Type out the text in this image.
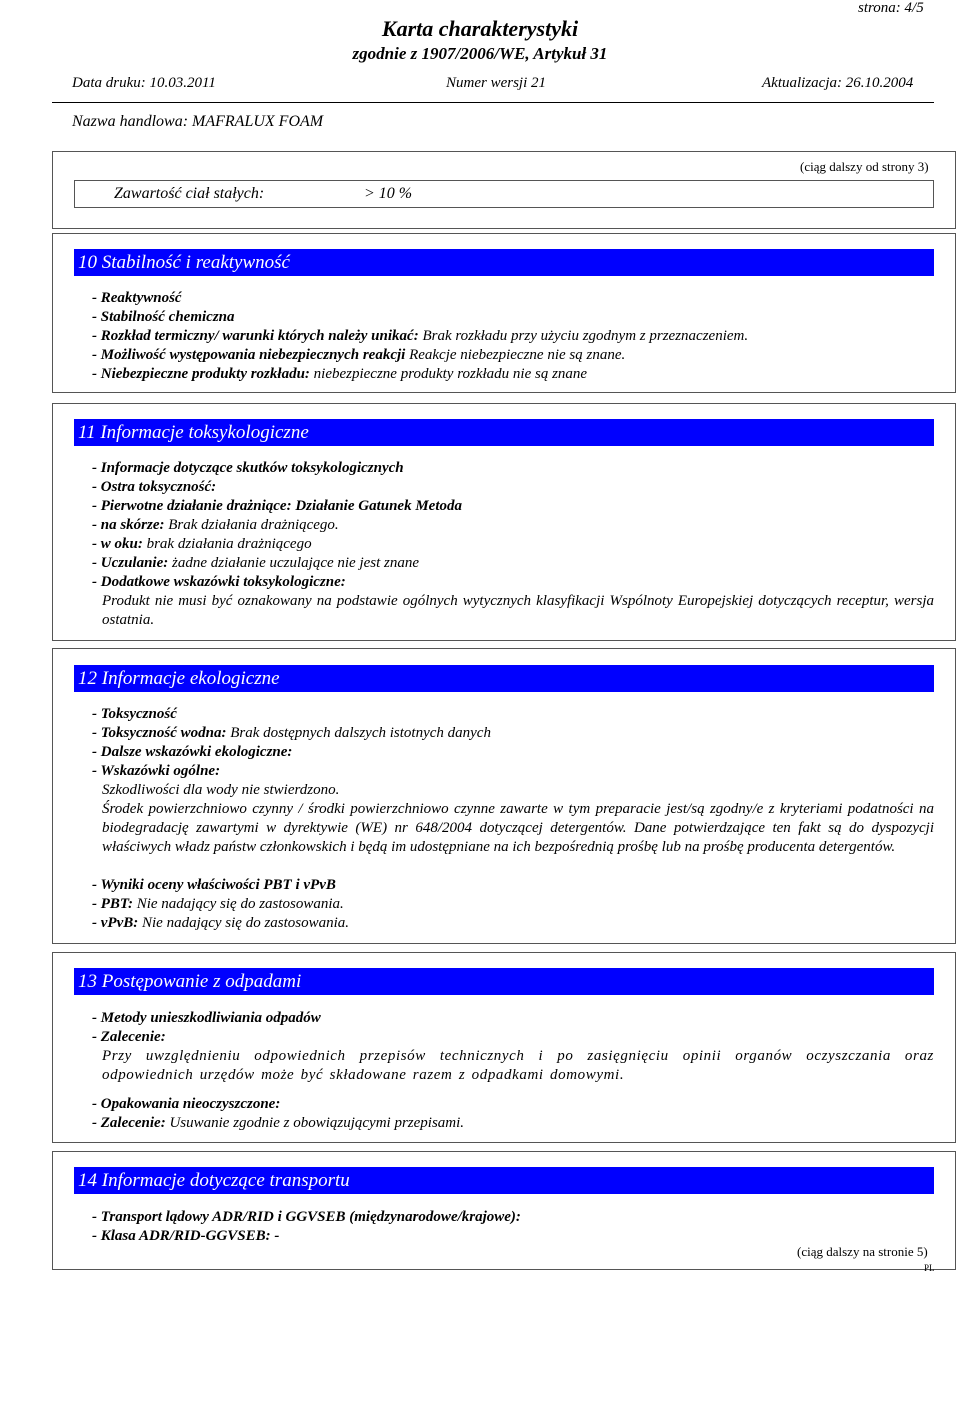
strona: 4/5
Karta charakterystyki
zgodnie z 1907/2006/WE, Artykuł 31
Data druku: 10.03.2011	Numer wersji 21	Aktualizacja: 26.10.2004
Nazwa handlowa: MAFRALUX FOAM
(ciąg dalszy od strony 3)
Zawartość ciał stałych:	> 10 %
10 Stabilność i reaktywność
- Reaktywność
- Stabilność chemiczna
- Rozkład termiczny/ warunki których należy unikać: Brak rozkładu przy użyciu zgodnym z przeznaczeniem.
- Możliwość występowania niebezpiecznych reakcji Reakcje niebezpieczne nie są znane.
- Niebezpieczne produkty rozkładu: niebezpieczne produkty rozkładu nie są znane
11 Informacje toksykologiczne
- Informacje dotyczące skutków toksykologicznych
- Ostra toksyczność:
- Pierwotne działanie drażniące: Działanie Gatunek Metoda
- na skórze: Brak działania drażniącego.
- w oku: brak działania drażniącego
- Uczulanie: żadne działanie uczulające nie jest znane
- Dodatkowe wskazówki toksykologiczne:
Produkt nie musi być oznakowany na podstawie ogólnych wytycznych klasyfikacji Wspólnoty Europejskiej dotyczących receptur, wersja ostatnia.
12 Informacje ekologiczne
- Toksyczność
- Toksyczność wodna: Brak dostępnych dalszych istotnych danych
- Dalsze wskazówki ekologiczne:
- Wskazówki ogólne:
Szkodliwości dla wody nie stwierdzono.
Środek powierzchniowo czynny / środki powierzchniowo czynne zawarte w tym preparacie jest/są zgodny/e z kryteriami podatności na biodegradację zawartymi w dyrektywie (WE) nr 648/2004 dotyczącej detergentów. Dane potwierdzające ten fakt są do dyspozycji właściwych władz państw członkowskich i będą im udostępniane na ich bezpośrednią prośbę lub na prośbę producenta detergentów.
- Wyniki oceny właściwości PBT i vPvB
- PBT: Nie nadający się do zastosowania.
- vPvB: Nie nadający się do zastosowania.
13 Postępowanie z odpadami
- Metody unieszkodliwiania odpadów
- Zalecenie:
Przy uwzględnieniu odpowiednich przepisów technicznych i po zasięgnięciu opinii organów oczyszczania oraz odpowiednich urzędów może być składowane razem z odpadkami domowymi.
- Opakowania nieoczyszczone:
- Zalecenie: Usuwanie zgodnie z obowiązującymi przepisami.
14 Informacje dotyczące transportu
- Transport lądowy ADR/RID i GGVSEB (międzynarodowe/krajowe):
- Klasa ADR/RID-GGVSEB: -
(ciąg dalszy na stronie 5)
PL
